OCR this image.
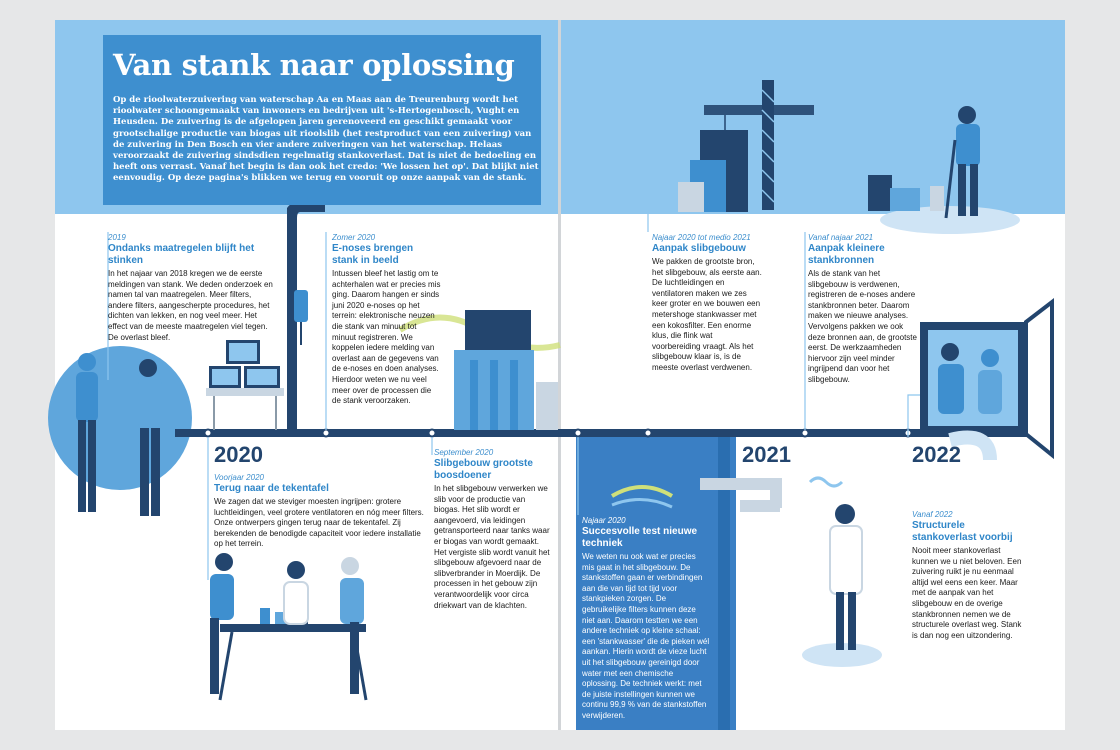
Van stank naar oplossing

Op de rioolwaterzuivering van waterschap Aa en Maas aan de Treurenburg wordt het rioolwater schoongemaakt van inwoners en bedrijven uit 's-Hertogenbosch, Vught en Heusden. De zuivering is de afgelopen jaren gerenoveerd en geschikt gemaakt voor grootschalige productie van biogas uit rioolslib (het restproduct van een zuivering) van de zuivering in Den Bosch en vier andere zuiveringen van het waterschap. Helaas veroorzaakt de zuivering sindsdien regelmatig stankoverlast. Dat is niet de bedoeling en heeft ons verrast. Vanaf het begin is dan ook het credo: 'We lossen het op'. Dat blijkt niet eenvoudig. Op deze pagina's blikken we terug en vooruit op onze aanpak van de stank.

2020	2021	2022

2019

Ondanks maatregelen blijft het stinken

In het najaar van 2018 kregen we de eerste meldingen van stank. We deden onderzoek en namen tal van maatregelen. Meer filters, andere filters, aangescherpte procedures, het dichten van lekken, en nog veel meer. Het effect van de meeste maatregelen viel tegen. De overlast bleef.

Zomer 2020

E-noses brengen stank in beeld

Intussen bleef het lastig om te achterhalen wat er precies mis ging. Daarom hangen er sinds juni 2020 e-noses op het terrein: elektronische neuzen die stank van minuut tot minuut registreren. We koppelen iedere melding van overlast aan de gegevens van de e-noses en doen analyses. Hierdoor weten we nu veel meer over de processen die de stank veroorzaken.

Voorjaar 2020

Terug naar de tekentafel

We zagen dat we steviger moesten ingrijpen: grotere luchtleidingen, veel grotere ventilatoren en nóg meer filters. Onze ontwerpers gingen terug naar de tekentafel. Zij berekenden de benodigde capaciteit voor iedere installatie op het terrein.

September 2020

Slibgebouw grootste boosdoener

In het slibgebouw verwerken we slib voor de productie van biogas. Het slib wordt er aangevoerd, via leidingen getransporteerd naar tanks waar er biogas van wordt gemaakt. Het vergiste slib wordt vanuit het slibgebouw afgevoerd naar de slibverbrander in Moerdijk. De processen in het gebouw zijn verantwoordelijk voor circa driekwart van de klachten.

Najaar 2020 tot medio 2021

Aanpak slibgebouw

We pakken de grootste bron, het slibgebouw, als eerste aan. De luchtleidingen en ventilatoren maken we zes keer groter en we bouwen een metershoge stankwasser met een kokosfilter. Een enorme klus, die flink wat voorbereiding vraagt. Als het slibgebouw klaar is, is de meeste overlast verdwenen.

Vanaf najaar 2021

Aanpak kleinere stankbronnen

Als de stank van het slibgebouw is verdwenen, registreren de e-noses andere stankbronnen beter. Daarom maken we nieuwe analyses. Vervolgens pakken we ook deze bronnen aan, de grootste eerst. De werkzaamheden hiervoor zijn veel minder ingrijpend dan voor het slibgebouw.

Najaar 2020

Succesvolle test nieuwe techniek

We weten nu ook wat er precies mis gaat in het slibgebouw. De stankstoffen gaan er verbindingen aan die van tijd tot tijd voor stankpieken zorgen. De gebruikelijke filters kunnen deze niet aan. Daarom testten we een andere techniek op kleine schaal: een 'stankwasser' die de pieken wél aankan. Hierin wordt de vieze lucht uit het slibgebouw gereinigd door water met een chemische oplossing. De techniek werkt: met de juiste instellingen kunnen we continu 99,9 % van de stankstoffen verwijderen.

Vanaf 2022

Structurele stankoverlast voorbij

Nooit meer stankoverlast kunnen we u niet beloven. Een zuivering ruikt je nu eenmaal altijd wel eens een keer. Maar met de aanpak van het slibgebouw en de overige stankbronnen nemen we de structurele overlast weg. Stank is dan nog een uitzondering.
